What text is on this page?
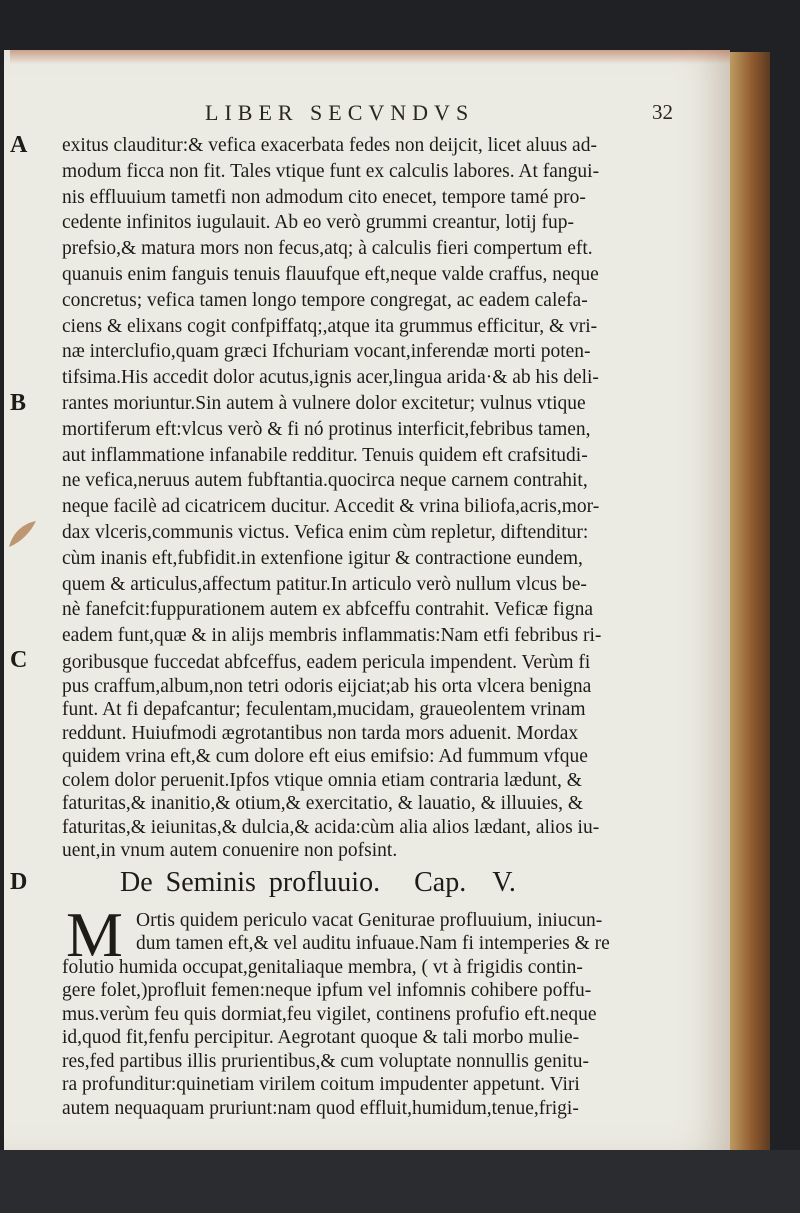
LIBER SECVNDVS	32
A
B
C
D
exitus clauditur:& vefica exacerbata fedes non deijcit, licet aluus ad-
modum ficca non fit. Tales vtique funt ex calculis labores. At fangui-
nis effluuium tametfi non admodum cito enecet, tempore tamé pro-
cedente infinitos iugulauit. Ab eo verò grummi creantur, lotij fup-
prefsio,& matura mors non fecus,atq; à calculis fieri compertum eft.
quanuis enim fanguis tenuis flauufque eft,neque valde craffus, neque
concretus; vefica tamen longo tempore congregat, ac eadem calefa-
ciens & elixans cogit confpiffatq;,atque ita grummus efficitur, & vri-
næ interclufio,quam græci Ifchuriam vocant,inferendæ morti poten-
tifsima.His accedit dolor acutus,ignis acer,lingua arida·& ab his deli-
rantes moriuntur.Sin autem à vulnere dolor excitetur; vulnus vtique
mortiferum eft:vlcus verò & fi nó protinus interficit,febribus tamen,
aut inflammatione infanabile redditur. Tenuis quidem eft crafsitudi-
ne vefica,neruus autem fubftantia.quocirca neque carnem contrahit,
neque facilè ad cicatricem ducitur. Accedit & vrina biliofa,acris,mor-
dax vlceris,communis victus. Vefica enim cùm repletur, diftenditur:
cùm inanis eft,fubfidit.in extenfione igitur & contractione eundem,
quem & articulus,affectum patitur.In articulo verò nullum vlcus be-
nè fanefcit:fuppurationem autem ex abfceffu contrahit. Veficæ figna
eadem funt,quæ & in alijs membris inflammatis:Nam etfi febribus ri-
goribusque fuccedat abfceffus, eadem pericula impendent. Verùm fi
pus craffum,album,non tetri odoris eijciat;ab his orta vlcera benigna
funt. At fi depafcantur; feculentam,mucidam, graueolentem vrinam
reddunt. Huiufmodi ægrotantibus non tarda mors aduenit. Mordax
faturitas,& inanitio,& otium,& exercitatio, & lauatio, & illuuies, &
faturitas,& ieiunitas,& dulcia,& acida:cùm alia alios lædant, alios iu-
uent,in vnum autem conuenire non pofsint.
De Seminis profluuio. Cap. V.
quidem vrina eft,& cum dolore eft eius emifsio: Ad fummum vfque
M Ortis quidem periculo vacat Geniturae profluuium, iniucun-
dum tamen eft,& vel auditu infuaue.Nam fi intemperies & re
folutio humida occupat,genitaliaque membra, ( vt à frigidis contin-
gere folet,)profluit femen:neque ipfum vel infomnis cohibere poffu-
mus.verùm feu quis dormiat,feu vigilet, continens profufio eft.neque
id,quod fit,fenfu percipitur. Aegrotant quoque & tali morbo mulie-
res,fed partibus illis prurientibus,& cum voluptate nonnullis genitu-
ra profunditur:quinetiam virilem coitum impudenter appetunt. Viri
autem nequaquam pruriunt:nam quod effluit,humidum,tenue,frigi-
colem dolor peruenit.Ipfos vtique omnia etiam contraria lædunt, &
